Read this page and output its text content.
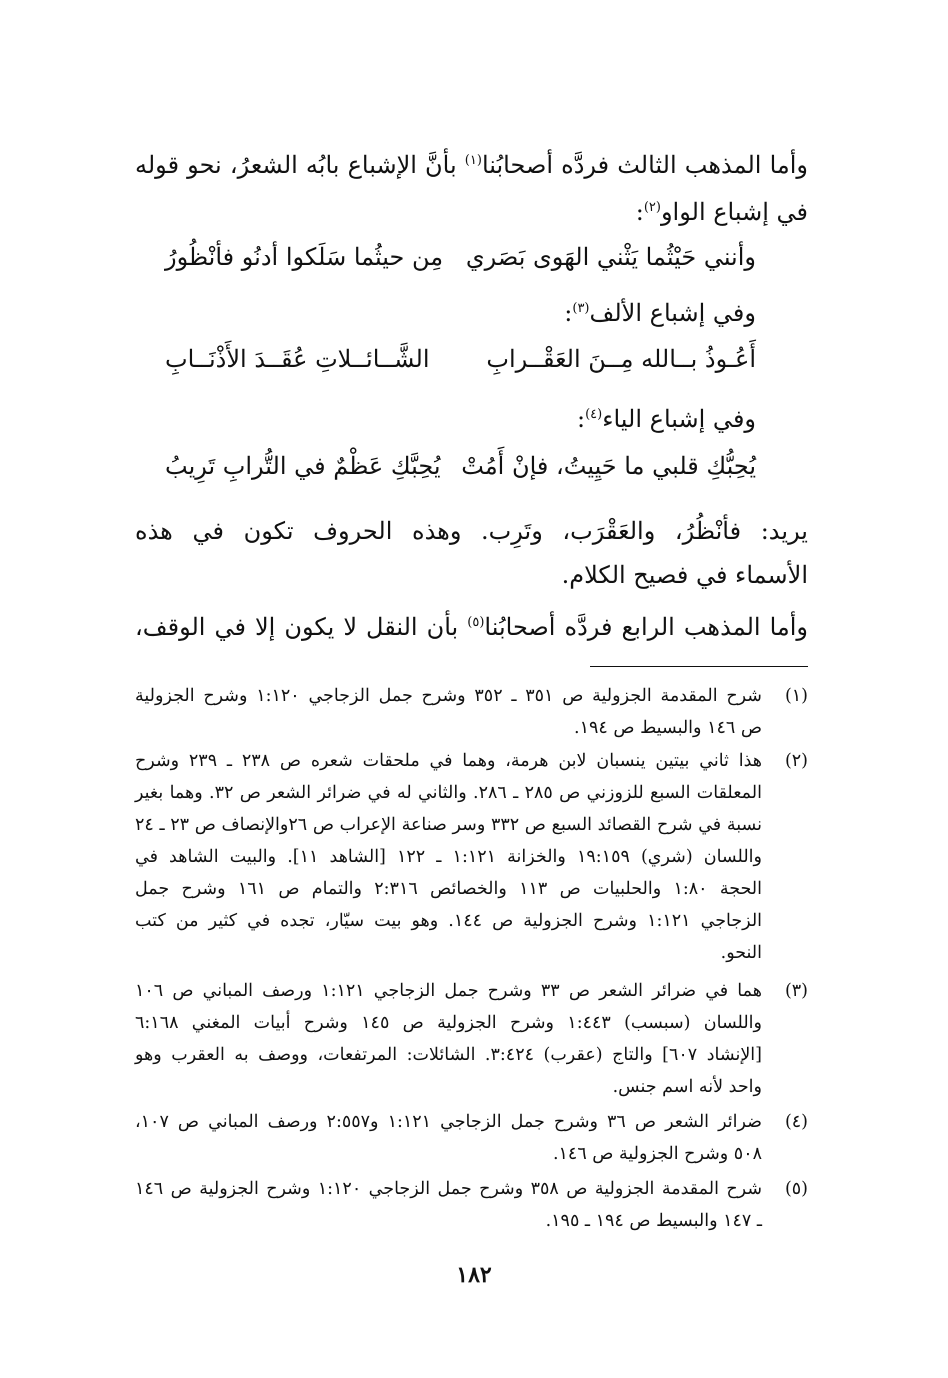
وأما المذهب الثالث فردَّه أصحابُنا$^{(١)}$ بأنَّ الإشباع بابُه الشعرُ، نحو قوله
في إشباع الواو$^{(٢)}$:
وأنني حَيْثُما يَثْني الهَوى بَصَري
مِن حيثُما سَلَكوا أدنُو فأنْظُورُ
وفي إشباع الألف$^{(٣)}$:
أَعُـوذُ بــالله مِــنَ العَقْــرابِ
الشَّــائــلاتِ عُقَــدَ الأَذْنَــابِ
وفي إشباع الياء$^{(٤)}$:
يُحِبُّكِ قلبي ما حَيِيتُ، فإنْ أَمُتْ
يُحِبَّكِ عَظْمٌ في التُّرابِ تَرِيبُ
يريد: فأنْظُرُ، والعَقْرَب، وتَرِب. وهذه الحروف تكون في هذه
الأسماء في فصيح الكلام.
وأما المذهب الرابع فردَّه أصحابُنا$^{(٥)}$ بأن النقل لا يكون إلا في الوقف،
(١)
شرح المقدمة الجزولية ص ٣٥١ ـ ٣٥٢ وشرح جمل الزجاجي ١:١٢٠ وشرح الجزولية
ص ١٤٦ والبسيط ص ١٩٤.
(٢)
هذا ثاني بيتين ينسبان لابن هرمة، وهما في ملحقات شعره ص ٢٣٨ ـ ٢٣٩ وشرح
المعلقات السبع للزوزني ص ٢٨٥ ـ ٢٨٦. والثاني له في ضرائر الشعر ص ٣٢. وهما بغير
نسبة في شرح القصائد السبع ص ٣٣٢ وسر صناعة الإعراب ص ٢٦والإنصاف ص ٢٣ ـ ٢٤
واللسان (شري) ١٩:١٥٩ والخزانة ١:١٢١ ـ ١٢٢ [الشاهد ١١]. والبيت الشاهد في
الحجة ١:٨٠ والحلبيات ص ١١٣ والخصائص ٢:٣١٦ والتمام ص ١٦١ وشرح جمل
الزجاجي ١:١٢١ وشرح الجزولية ص ١٤٤. وهو بيت سيّار، تجده في كثير من كتب
النحو.
(٣)
هما في ضرائر الشعر ص ٣٣ وشرح جمل الزجاجي ١:١٢١ ورصف المباني ص ١٠٦
واللسان (سبسب) ١:٤٤٣ وشرح الجزولية ص ١٤٥ وشرح أبيات المغني ٦:١٦٨
[الإنشاد ٦٠٧] والتاج (عقرب) ٣:٤٢٤. الشائلات: المرتفعات، ووصف به العقرب وهو
واحد لأنه اسم جنس.
(٤)
ضرائر الشعر ص ٣٦ وشرح جمل الزجاجي ١:١٢١ و٢:٥٥٧ ورصف المباني ص ١٠٧،
٥٠٨ وشرح الجزولية ص ١٤٦.
(٥)
شرح المقدمة الجزولية ص ٣٥٨ وشرح جمل الزجاجي ١:١٢٠ وشرح الجزولية ص ١٤٦
ـ ١٤٧ والبسيط ص ١٩٤ ـ ١٩٥.
١٨٢
